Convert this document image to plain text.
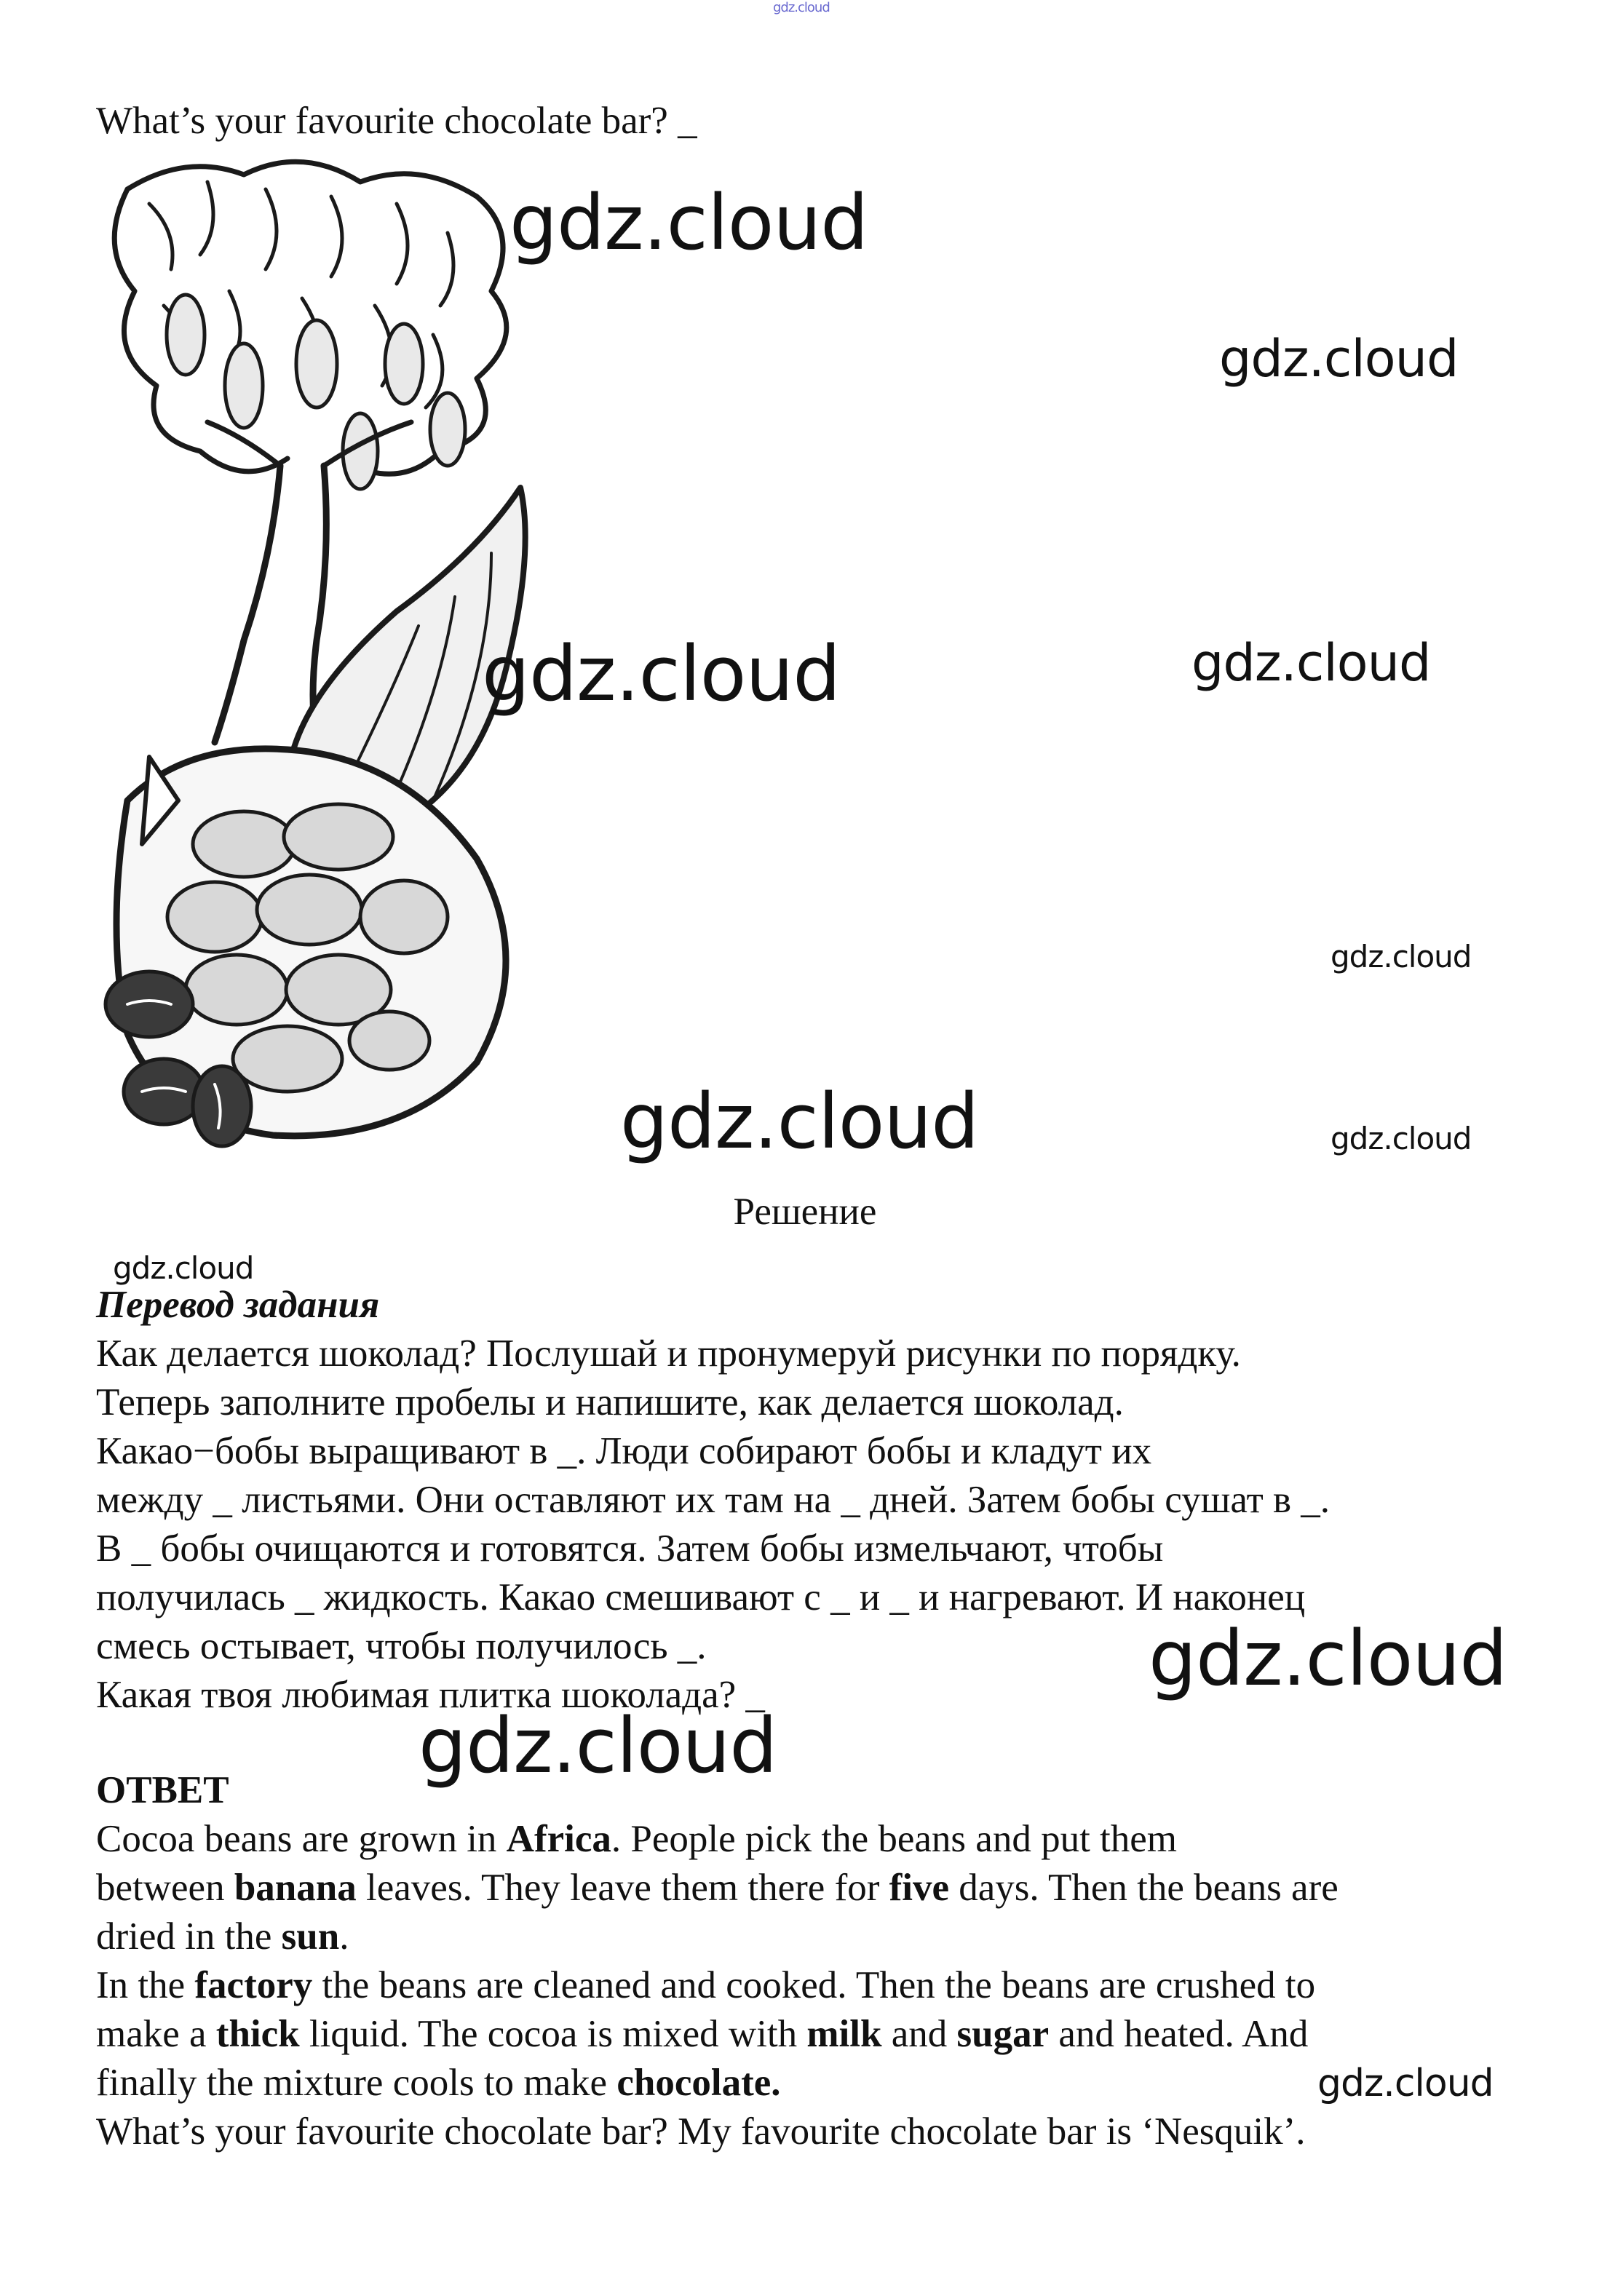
gdz.cloud
What’s your favourite chocolate bar? _
gdz.cloud
gdz.cloud
gdz.cloud	gdz.cloud
gdz.cloud
gdz.cloud	gdz.cloud
gdz.cloud
gdz.cloud
gdz.cloud
gdz.cloud
Решение
Перевод задания
Как делается шоколад? Послушай и пронумеруй рисунки по порядку.
Теперь заполните пробелы и напишите, как делается шоколад.
Какао−бобы выращивают в _. Люди собирают бобы и кладут их
между _ листьями. Они оставляют их там на _ дней. Затем бобы сушат в _.
В _ бобы очищаются и готовятся. Затем бобы измельчают, чтобы
получилась _ жидкость. Какао смешивают с _ и _ и нагревают. И наконец
смесь остывает, чтобы получилось _.
Какая твоя любимая плитка шоколада? _
ОТВЕТ
Cocoa beans are grown in Africa. People pick the beans and put them
between banana leaves. They leave them there for five days. Then the beans are
dried in the sun.
In the factory the beans are cleaned and cooked. Then the beans are crushed to
make a thick liquid. The cocoa is mixed with milk and sugar and heated. And
finally the mixture cools to make chocolate.
What’s your favourite chocolate bar? My favourite chocolate bar is ‘Nesquik’.
